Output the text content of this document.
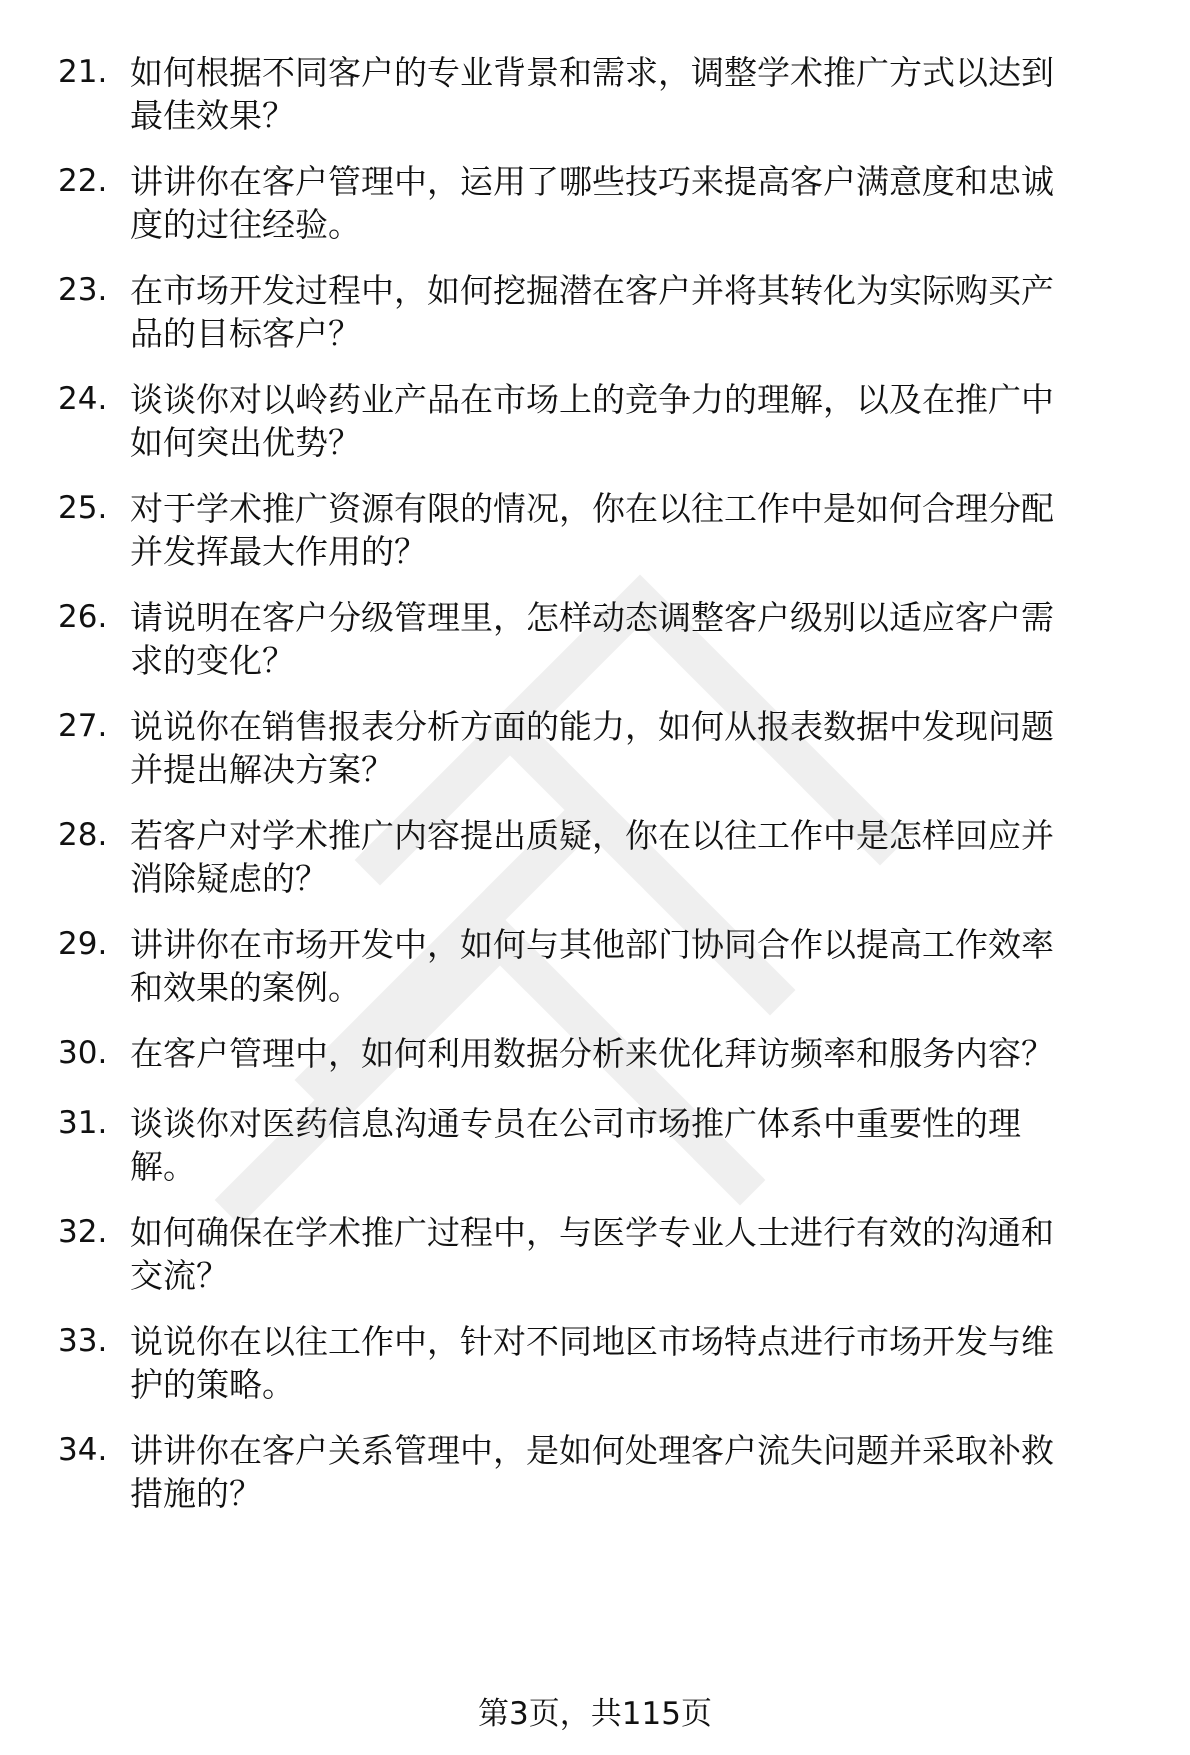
21. 如何根据不同客户的专业背景和需求，调整学术推广方式以达到
最佳效果？
22. 讲讲你在客户管理中，运用了哪些技巧来提高客户满意度和忠诚
度的过往经验。
23. 在市场开发过程中，如何挖掘潜在客户并将其转化为实际购买产
品的目标客户？
24. 谈谈你对以岭药业产品在市场上的竞争力的理解，以及在推广中
如何突出优势？
25. 对于学术推广资源有限的情况，你在以往工作中是如何合理分配
并发挥最大作用的？
26. 请说明在客户分级管理里，怎样动态调整客户级别以适应客户需
求的变化？
27. 说说你在销售报表分析方面的能力，如何从报表数据中发现问题
并提出解决方案？
28. 若客户对学术推广内容提出质疑，你在以往工作中是怎样回应并
消除疑虑的？
29. 讲讲你在市场开发中，如何与其他部门协同合作以提高工作效率
和效果的案例。
30. 在客户管理中，如何利用数据分析来优化拜访频率和服务内容？
31. 谈谈你对医药信息沟通专员在公司市场推广体系中重要性的理
解。
32. 如何确保在学术推广过程中，与医学专业人士进行有效的沟通和
交流？
33. 说说你在以往工作中，针对不同地区市场特点进行市场开发与维
护的策略。
34. 讲讲你在客户关系管理中，是如何处理客户流失问题并采取补救
措施的？
第3页，共115页
